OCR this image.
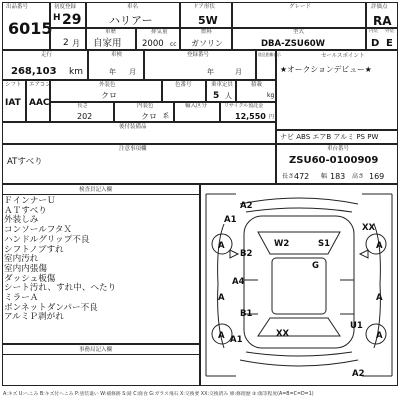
出品番号
6015
初度登録
H 29
車名
ハリアー
ドア形状
5W
グレード	評価点
RA
2 月
車歴
自家用
排気量
2000 cc
燃料
ガソリン
型式
DBA-ZSU60W
内装 外装
D E
走行
268,103 km
車検
年 月
登録番号
年	月
陸送距離表示	セールスポイント
★オークションデビュー★
シフト
IAT
エアコン
AAC
外装色
クロ
色番号	乗車定員
5 人
積載
kg
長さ
202
内装色
クロ 系
輸入区分	リサイクル預託金
12,550 円
後付装備品
ナビ ABS エアB アルミ PS PW
注意事項欄
ATすべり
車台番号
ZSU60-0100909
長さ 472 幅 183 高さ 169
検査員記入欄
ＦインナーＵ
ＡＴすべり
外装しみ
コンソールフタＸ
ハンドルグリップ不良
シフトノブすれ
室内汚れ
室内内張傷
ダッシュ板傷
シート汚れ、すれ中、へたり
ミラーＡ
ボンネットダンパー不良
アルミＰ剥がれ
事務局記入欄
A2
A1
XX
A	W2	S1	A
B2
G
A
A4
B1
A
A1
A
U1
A
XX
A2
A:キズ U:へこみ B:キズ付へこみ P:塗装違い W:補修跡 S:錆 C:腐食 G:ガラス飛石 X:交換要 XX:交換済み 修:修理歴 ③:傷等程度(A=B=C=D=1)
